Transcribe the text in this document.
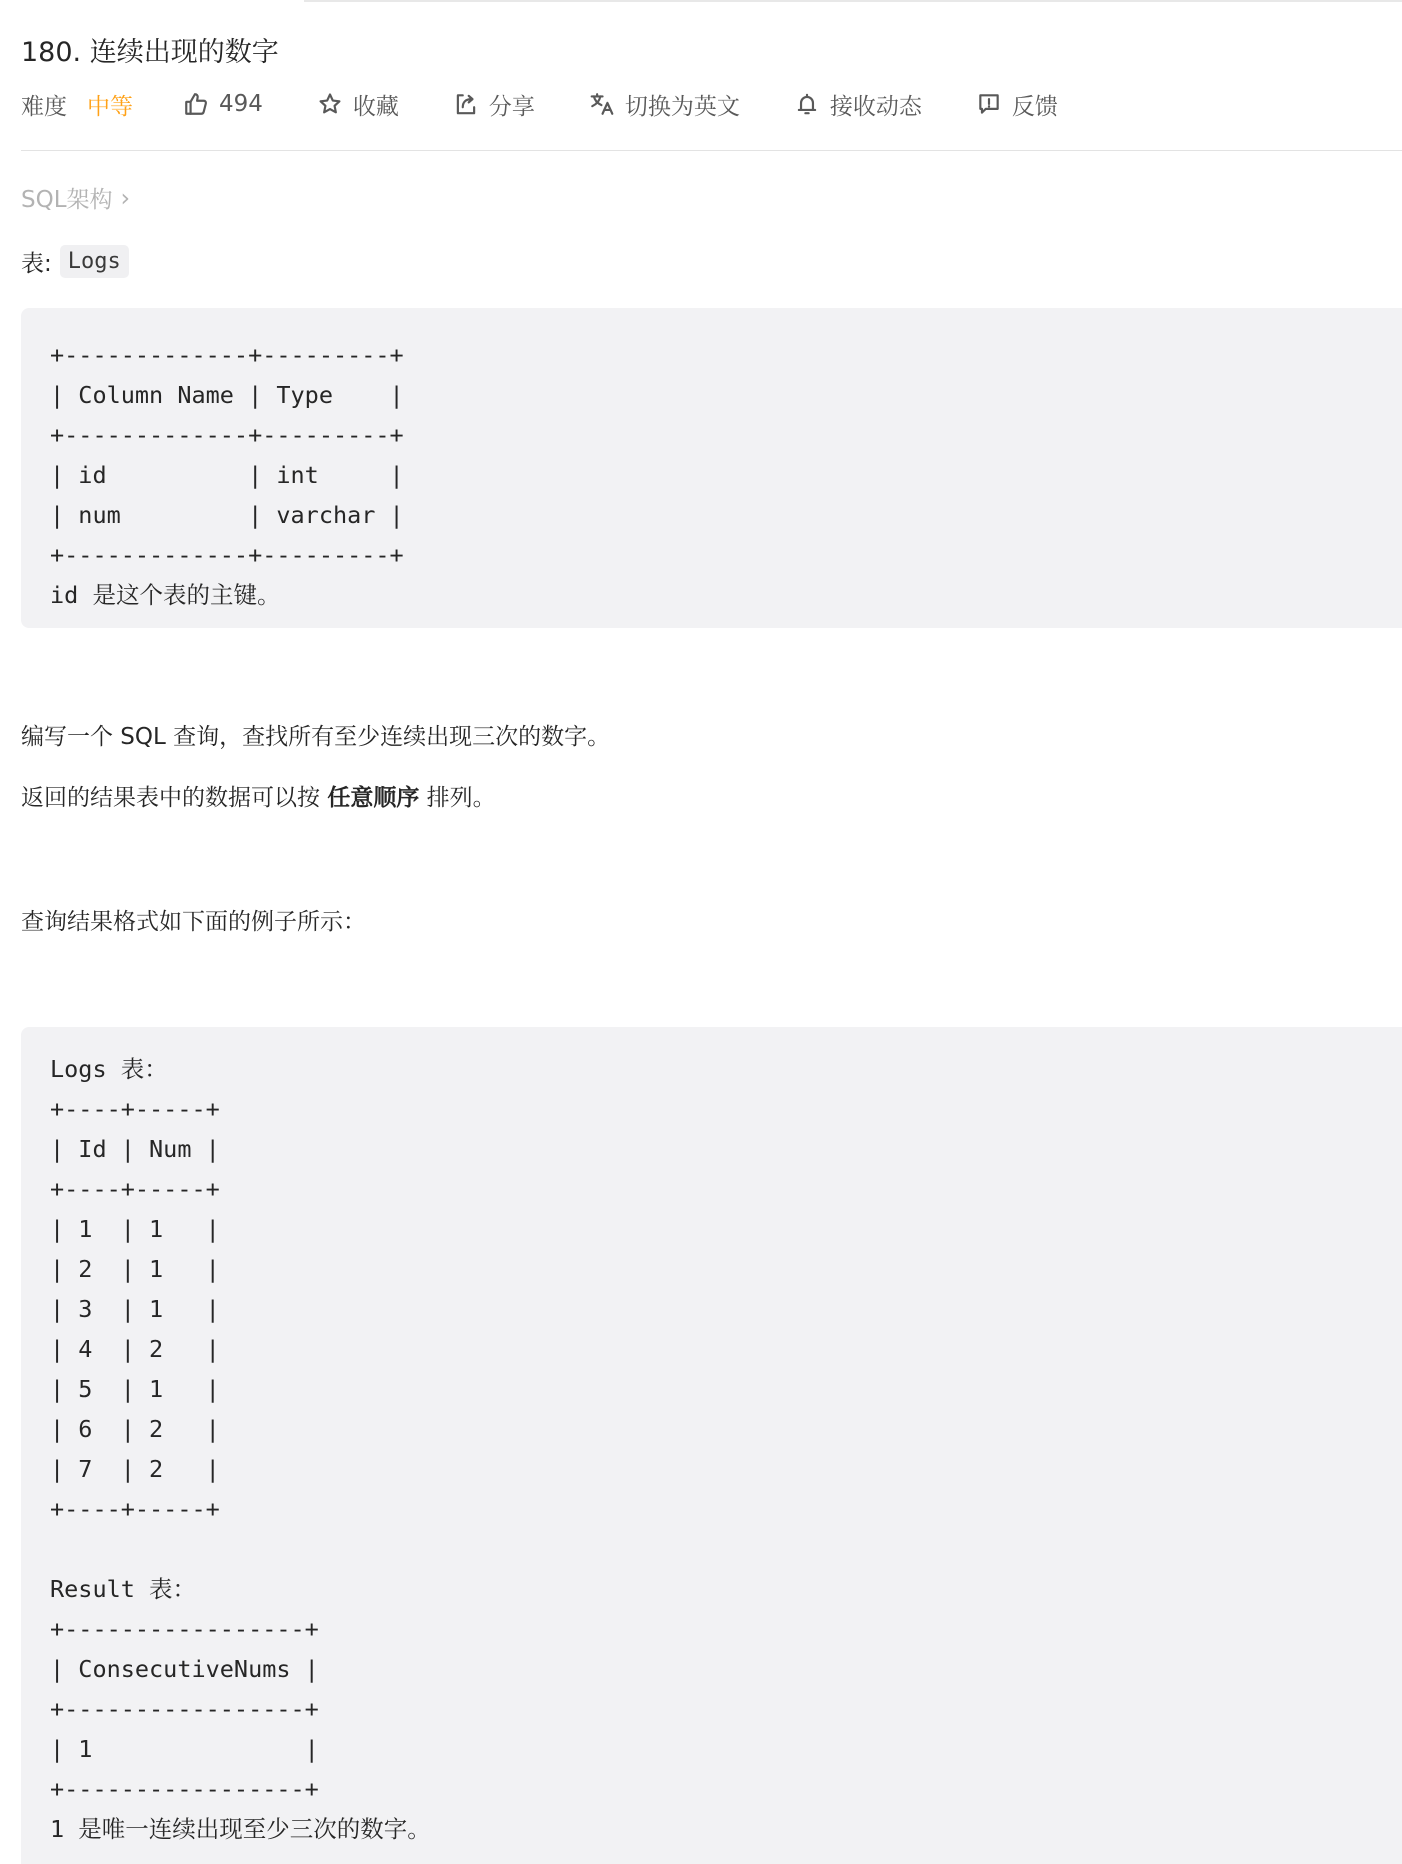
180. 连续出现的数字
难度 中等	494	收藏	分享	切换为英文	接收动态	反馈
SQL架构 ›
表: Logs
+-------------+---------+
| Column Name | Type    |
+-------------+---------+
| id          | int     |
| num         | varchar |
+-------------+---------+
id 是这个表的主键。

编写一个 SQL 查询，查找所有至少连续出现三次的数字。

返回的结果表中的数据可以按 任意顺序 排列。

查询结果格式如下面的例子所示：

Logs 表：
+----+-----+
| Id | Num |
+----+-----+
| 1  | 1   |
| 2  | 1   |
| 3  | 1   |
| 4  | 2   |
| 5  | 1   |
| 6  | 2   |
| 7  | 2   |
+----+-----+

Result 表：
+-----------------+
| ConsecutiveNums |
+-----------------+
| 1               |
+-----------------+
1 是唯一连续出现至少三次的数字。
